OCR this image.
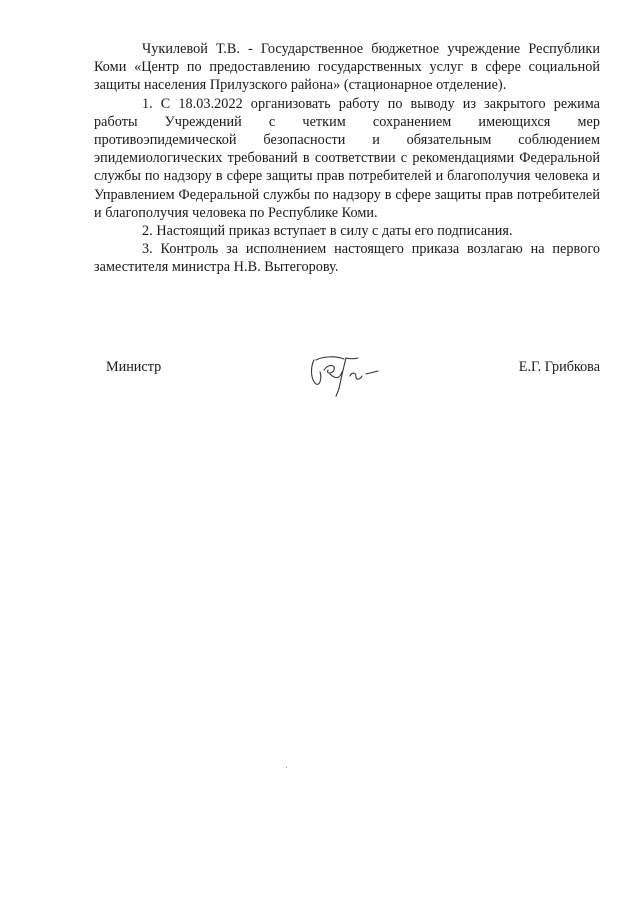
Чукилевой Т.В. - Государственное бюджетное учреждение Республики Коми «Центр по предоставлению государственных услуг в сфере социальной защиты населения Прилузского района» (стационарное отделение).

1. С 18.03.2022 организовать работу по выводу из закрытого режима работы Учреждений с четким сохранением имеющихся мер противоэпидемической безопасности и обязательным соблюдением эпидемиологических требований в соответствии с рекомендациями Федеральной службы по надзору в сфере защиты прав потребителей и благополучия человека и Управлением Федеральной службы по надзору в сфере защиты прав потребителей и благополучия человека по Республике Коми.

2. Настоящий приказ вступает в силу с даты его подписания.

3. Контроль за исполнением настоящего приказа возлагаю на первого заместителя министра Н.В. Вытегорову.

Министр	Е.Г. Грибкова
